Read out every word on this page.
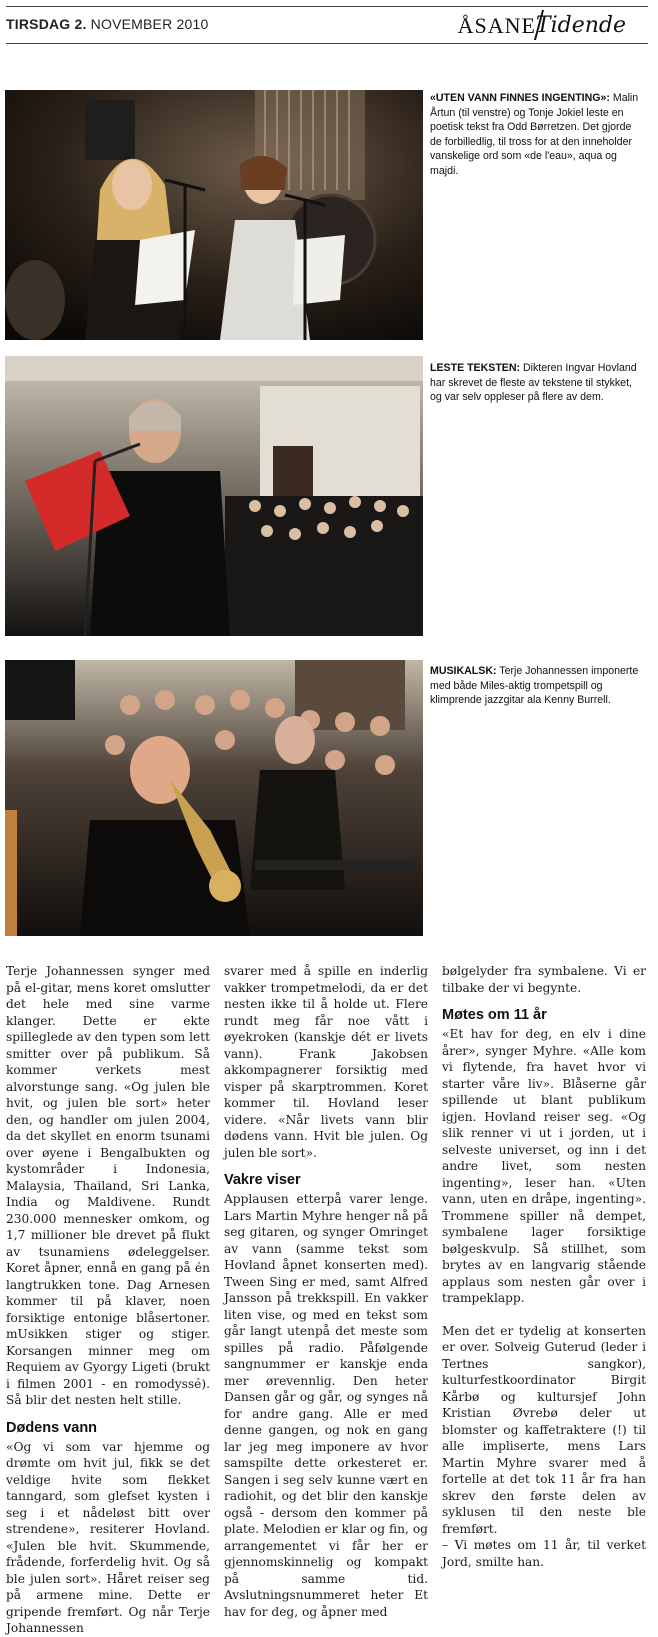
TIRSDAG 2. NOVEMBER 2010	ÅSANE Tidende
«UTEN VANN FINNES INGENTING»: Malin Årtun (til venstre) og Tonje Jokiel leste en poetisk tekst fra Odd Børretzen. Det gjorde de forbilledlig, til tross for at den inneholder vanskelige ord som «de l'eau», aqua og majdi.
LESTE TEKSTEN: Dikteren Ingvar Hovland har skrevet de fleste av tekstene til stykket, og var selv oppleser på flere av dem.
MUSIKALSK: Terje Johannessen imponerte med både Miles-aktig trompetspill og klimprende jazzgitar ala Kenny Burrell.

Terje Johannessen synger med på el-gitar, mens koret omslutter det hele med sine varme klanger. Dette er ekte spilleglede av den typen som lett smitter over på publikum. Så kommer verkets mest alvorstunge sang. «Og julen ble hvit, og julen ble sort» heter den, og handler om julen 2004, da det skyllet en enorm tsunami over øyene i Bengalbukten og kystområder i Indonesia, Malaysia, Thailand, Sri Lanka, India og Maldivene. Rundt 230.000 mennesker omkom, og 1,7 millioner ble drevet på flukt av tsunamiens ødeleggelser. Koret åpner, ennå en gang på én langtrukken tone. Dag Arnesen kommer til på klaver, noen forsiktige entonige blåsertoner. mUsikken stiger og stiger. Korsangen minner meg om Requiem av Gyorgy Ligeti (brukt i filmen 2001 - en romodyssé). Så blir det nesten helt stille.

Dødens vann

«Og vi som var hjemme og drømte om hvit jul, fikk se det veldige hvite som flekket tanngard, som glefset kysten i seg i et nådeløst bitt over strendene», resiterer Hovland. «Julen ble hvit. Skummende, frådende, forferdelig hvit. Og så ble julen sort». Håret reiser seg på armene mine. Dette er gripende fremført. Og når Terje Johannessen

svarer med å spille en inderlig vakker trompetmelodi, da er det nesten ikke til å holde ut. Flere rundt meg får noe vått i øyekroken (kanskje dét er livets vann). Frank Jakobsen akkompagnerer forsiktig med visper på skarptrommen. Koret kommer til. Hovland leser videre. «Når livets vann blir dødens vann. Hvit ble julen. Og julen ble sort».

Vakre viser

Applausen etterpå varer lenge. Lars Martin Myhre henger nå på seg gitaren, og synger Omringet av vann (samme tekst som Hovland åpnet konserten med). Tween Sing er med, samt Alfred Jansson på trekkspill. En vakker liten vise, og med en tekst som går langt utenpå det meste som spilles på radio. Påfølgende sangnummer er kanskje enda mer ørevennlig. Den heter Dansen går og går, og synges nå for andre gang. Alle er med denne gangen, og nok en gang lar jeg meg imponere av hvor samspilte dette orkesteret er. Sangen i seg selv kunne vært en radiohit, og det blir den kanskje også - dersom den kommer på plate. Melodien er klar og fin, og arrangementet vi får her er gjennomskinnelig og kompakt på samme tid. Avslutningsnummeret heter Et hav for deg, og åpner med

bølgelyder fra symbalene. Vi er tilbake der vi begynte.

Møtes om 11 år

«Et hav for deg, en elv i dine årer», synger Myhre. «Alle kom vi flytende, fra havet hvor vi starter våre liv». Blåserne går spillende ut blant publikum igjen. Hovland reiser seg. «Og slik renner vi ut i jorden, ut i selveste universet, og inn i det andre livet, som nesten ingenting», leser han. «Uten vann, uten en dråpe, ingenting». Trommene spiller nå dempet, symbalene lager forsiktige bølgeskvulp. Så stillhet, som brytes av en langvarig stående applaus som nesten går over i trampeklapp.

Men det er tydelig at konserten er over. Solveig Guterud (leder i Tertnes sangkor), kulturfestkoordinator Birgit Kårbø og kultursjef John Kristian Øvrebø deler ut blomster og kaffetraktere (!) til alle impliserte, mens Lars Martin Myhre svarer med å fortelle at det tok 11 år fra han skrev den første delen av syklusen til den neste ble fremført.

– Vi møtes om 11 år, til verket Jord, smilte han.
